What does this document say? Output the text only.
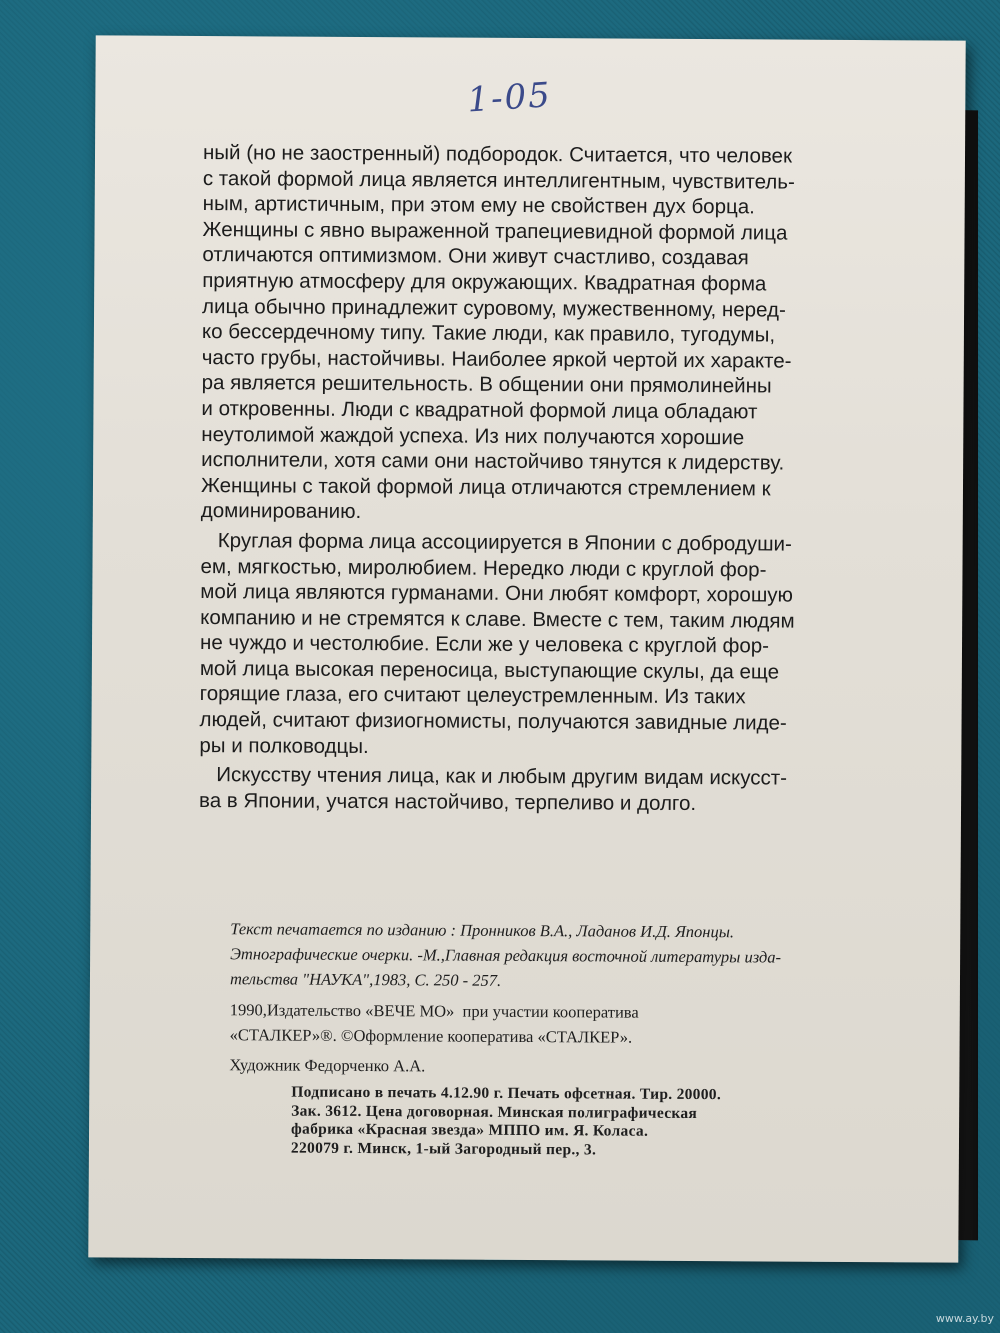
1-05
ный (но не заостренный) подбородок. Считается, что человек
с такой формой лица является интеллигентным, чувствитель-
ным, артистичным, при этом ему не свойствен дух борца.
Женщины с явно выраженной трапециевидной формой лица
отличаются оптимизмом. Они живут счастливо, создавая
приятную атмосферу для окружающих. Квадратная форма
лица обычно принадлежит суровому, мужественному, неред-
ко бессердечному типу. Такие люди, как правило, тугодумы,
часто грубы, настойчивы. Наиболее яркой чертой их характе-
ра является решительность. В общении они прямолинейны
и откровенны. Люди с квадратной формой лица обладают
неутолимой жаждой успеха. Из них получаются хорошие
исполнители, хотя сами они настойчиво тянутся к лидерству.
Женщины с такой формой лица отличаются стремлением к
доминированию.
Круглая форма лица ассоциируется в Японии с добродуши-
ем, мягкостью, миролюбием. Нередко люди с круглой фор-
мой лица являются гурманами. Они любят комфорт, хорошую
компанию и не стремятся к славе. Вместе с тем, таким людям
не чуждо и честолюбие. Если же у человека с круглой фор-
мой лица высокая переносица, выступающие скулы, да еще
горящие глаза, его считают целеустремленным. Из таких
людей, считают физиогномисты, получаются завидные лиде-
ры и полководцы.
Искусству чтения лица, как и любым другим видам искусст-
ва в Японии, учатся настойчиво, терпеливо и долго.
Текст печатается по изданию : Пронников В.А., Ладанов И.Д. Японцы.
Этнографические очерки. -М.,Главная редакция восточной литературы изда-
тельства "НАУКА",1983, С. 250 - 257.
1990,Издательство «ВЕЧЕ МО»  при участии кооператива
«СТАЛКЕР»®. ©Оформление кооператива «СТАЛКЕР».
Художник Федорченко А.А.
Подписано в печать 4.12.90 г. Печать офсетная. Тир. 20000.
Зак. 3612. Цена договорная. Минская полиграфическая
фабрика «Красная звезда» МППО им. Я. Коласа.
220079 г. Минск, 1-ый Загородный пер., 3.
www.ay.by
